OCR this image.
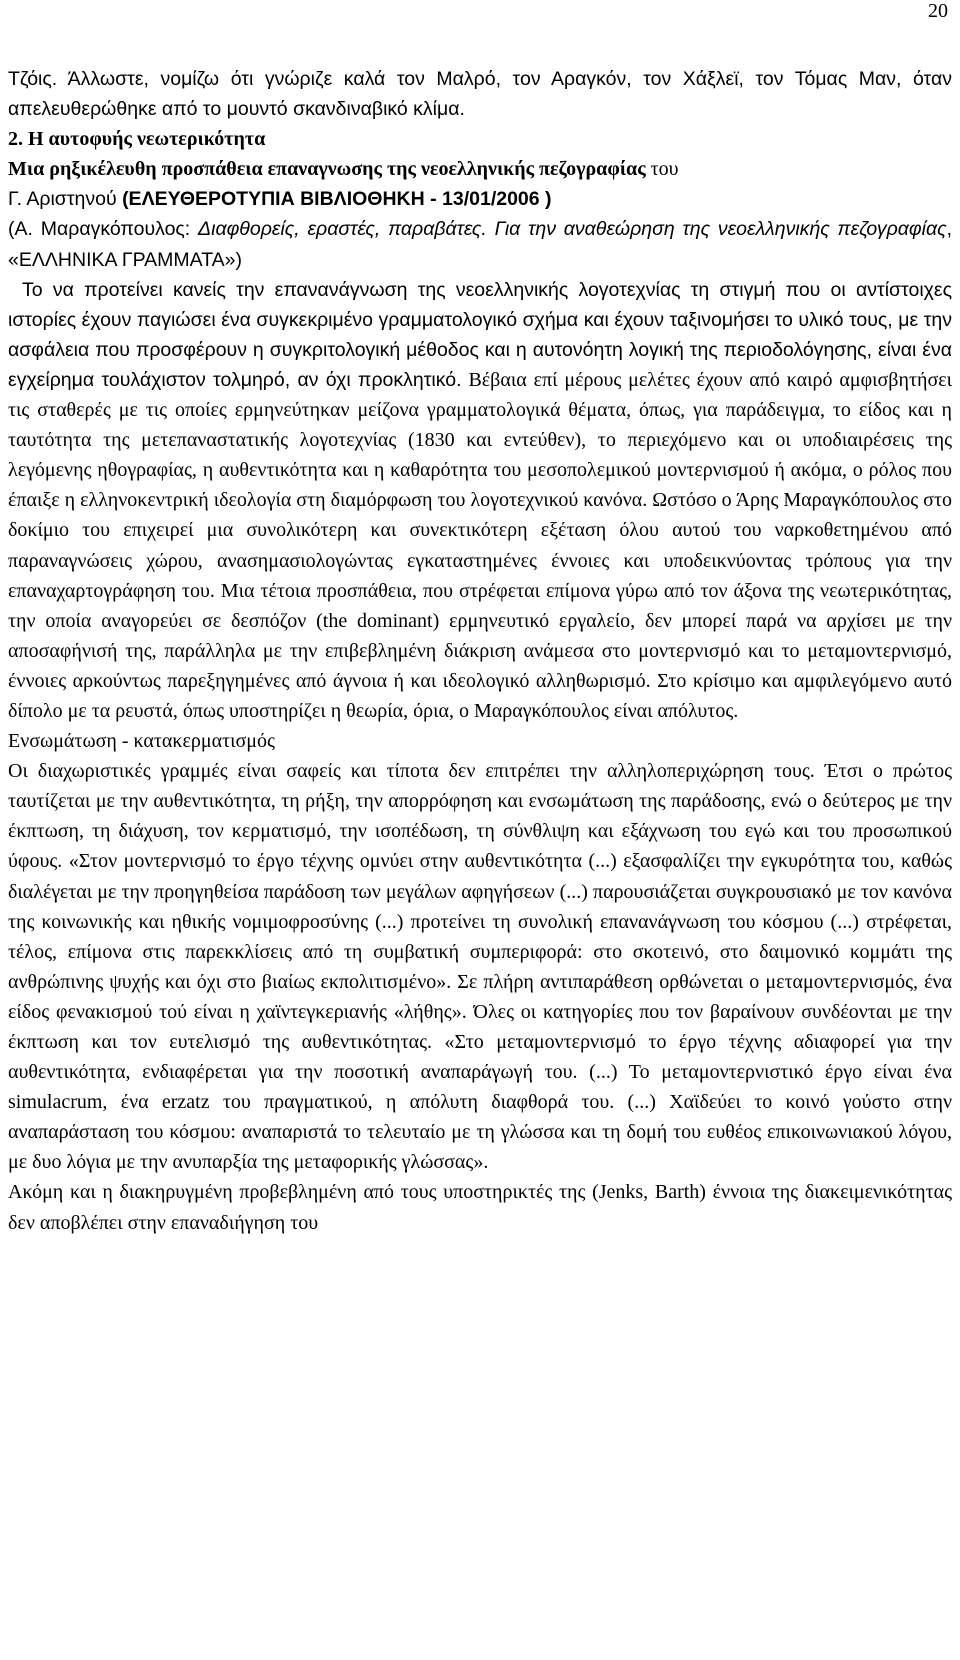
20

Τζόις. Άλλωστε, νομίζω ότι γνώριζε καλά τον Μαλρό, τον Αραγκόν, τον Χάξλεϊ, τον Τόμας Μαν, όταν απελευθερώθηκε από το μουντό σκανδιναβικό κλίμα.

2. Η αυτοφυής νεωτερικότητα

Μια ρηξικέλευθη προσπάθεια επαναγνωσης της νεοελληνικής πεζογραφίας του

Γ. Αριστηνού (ΕΛΕΥΘΕΡΟΤΥΠΙΑ ΒΙΒΛΙΟΘΗΚΗ - 13/01/2006 )

(Α. Μαραγκόπουλος: Διαφθορείς, εραστές, παραβάτες. Για την αναθεώρηση της νεοελληνικής πεζογραφίας, «ΕΛΛΗΝΙΚΑ ΓΡΑΜΜΑΤΑ»)

Το να προτείνει κανείς την επανανάγνωση της νεοελληνικής λογοτεχνίας τη στιγμή που οι αντίστοιχες ιστορίες έχουν παγιώσει ένα συγκεκριμένο γραμματολογικό σχήμα και έχουν ταξινομήσει το υλικό τους, με την ασφάλεια που προσφέρουν η συγκριτολογική μέθοδος και η αυτονόητη λογική της περιοδολόγησης, είναι ένα εγχείρημα τουλάχιστον τολμηρό, αν όχι προκλητικό. Βέβαια επί μέρους μελέτες έχουν από καιρό αμφισβητήσει τις σταθερές με τις οποίες ερμηνεύτηκαν μείζονα γραμματολογικά θέματα, όπως, για παράδειγμα, το είδος και η ταυτότητα της μετεπαναστατικής λογοτεχνίας (1830 και εντεύθεν), το περιεχόμενο και οι υποδιαιρέσεις της λεγόμενης ηθογραφίας, η αυθεντικότητα και η καθαρότητα του μεσοπολεμικού μοντερνισμού ή ακόμα, ο ρόλος που έπαιξε η ελληνοκεντρική ιδεολογία στη διαμόρφωση του λογοτεχνικού κανόνα. Ωστόσο ο Άρης Μαραγκόπουλος στο δοκίμιο του επιχειρεί μια συνολικότερη και συνεκτικότερη εξέταση όλου αυτού του ναρκοθετημένου από παραναγνώσεις χώρου, ανασημασιολογώντας εγκαταστημένες έννοιες και υποδεικνύοντας τρόπους για την επαναχαρτογράφηση του. Μια τέτοια προσπάθεια, που στρέφεται επίμονα γύρω από τον άξονα της νεωτερικότητας, την οποία αναγορεύει σε δεσπόζον (the dominant) ερμηνευτικό εργαλείο, δεν μπορεί παρά να αρχίσει με την αποσαφήνισή της, παράλληλα με την επιβεβλημένη διάκριση ανάμεσα στο μοντερνισμό και το μεταμοντερνισμό, έννοιες αρκούντως παρεξηγημένες από άγνοια ή και ιδεολογικό αλληθωρισμό. Στο κρίσιμο και αμφιλεγόμενο αυτό δίπολο με τα ρευστά, όπως υποστηρίζει η θεωρία, όρια, ο Μαραγκόπουλος είναι απόλυτος.

Ενσωμάτωση - κατακερματισμός

Οι διαχωριστικές γραμμές είναι σαφείς και τίποτα δεν επιτρέπει την αλληλοπεριχώρηση τους. Έτσι ο πρώτος ταυτίζεται με την αυθεντικότητα, τη ρήξη, την απορρόφηση και ενσωμάτωση της παράδοσης, ενώ ο δεύτερος με την έκπτωση, τη διάχυση, τον κερματισμό, την ισοπέδωση, τη σύνθλιψη και εξάχνωση του εγώ και του προσωπικού ύφους. «Στον μοντερνισμό το έργο τέχνης ομνύει στην αυθεντικότητα (...) εξασφαλίζει την εγκυρότητα του, καθώς διαλέγεται με την προηγηθείσα παράδοση των μεγάλων αφηγήσεων (...) παρουσιάζεται συγκρουσιακό με τον κανόνα της κοινωνικής και ηθικής νομιμοφροσύνης (...) προτείνει τη συνολική επανανάγνωση του κόσμου (...) στρέφεται, τέλος, επίμονα στις παρεκκλίσεις από τη συμβατική συμπεριφορά: στο σκοτεινό, στο δαιμονικό κομμάτι της ανθρώπινης ψυχής και όχι στο βιαίως εκπολιτισμένο». Σε πλήρη αντιπαράθεση ορθώνεται ο μεταμοντερνισμός, ένα είδος φενακισμού τού είναι η χαϊντεγκεριανής «λήθης». Όλες οι κατηγορίες που τον βαραίνουν συνδέονται με την έκπτωση και τον ευτελισμό της αυθεντικότητας. «Στο μεταμοντερνισμό το έργο τέχνης αδιαφορεί για την αυθεντικότητα, ενδιαφέρεται για την ποσοτική αναπαράγωγή του. (...) Το μεταμοντερνιστικό έργο είναι ένα simulacrum, ένα erzatz του πραγματικού, η απόλυτη διαφθορά του. (...) Χαϊδεύει το κοινό γούστο στην αναπαράσταση του κόσμου: αναπαριστά το τελευταίο με τη γλώσσα και τη δομή του ευθέος επικοινωνιακού λόγου, με δυο λόγια με την ανυπαρξία της μεταφορικής γλώσσας».

Ακόμη και η διακηρυγμένη προβεβλημένη από τους υποστηρικτές της (Jenks, Barth) έννοια της διακειμενικότητας δεν αποβλέπει στην επαναδιήγηση του
